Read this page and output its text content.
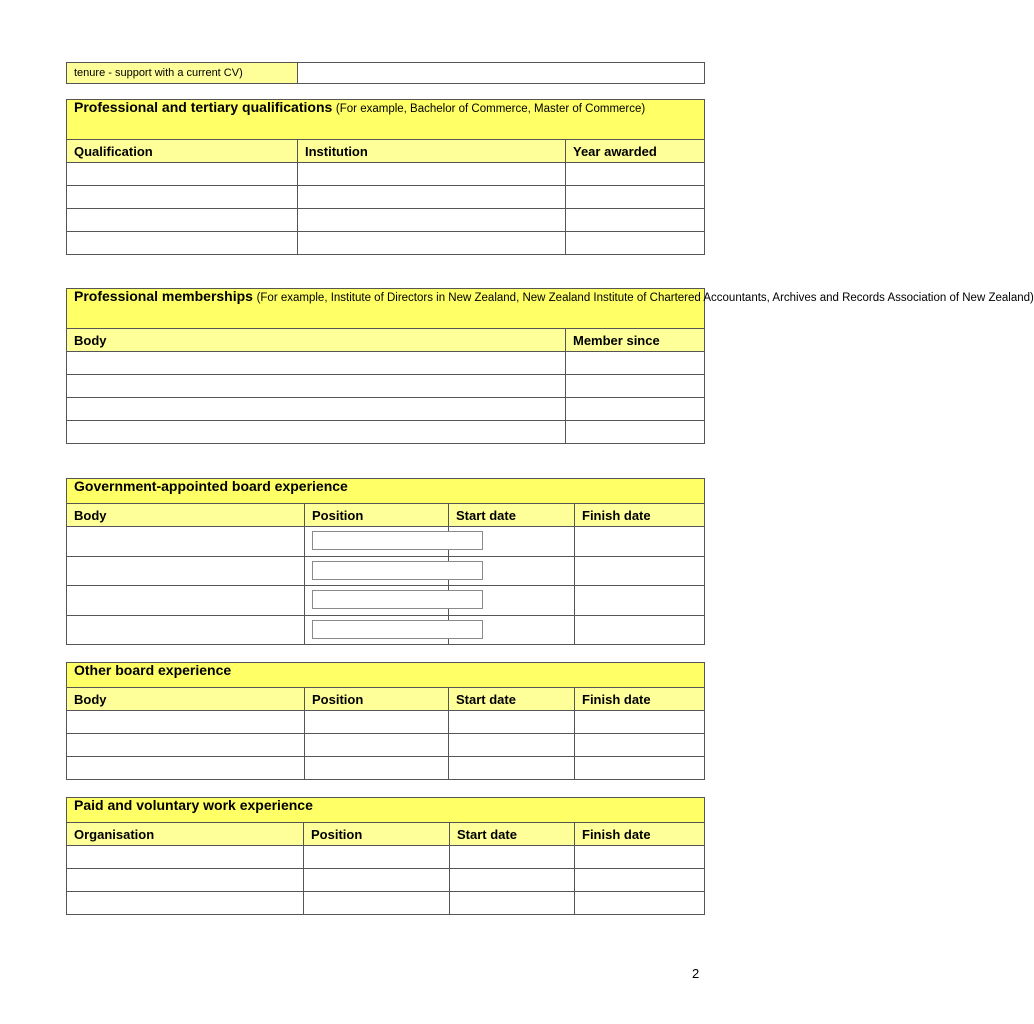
tenure - support with a current CV)	
Professional and tertiary qualifications (For example, Bachelor of Commerce, Master of Commerce)		
Qualification	Institution	Year awarded

Professional memberships (For example, Institute of Directors in New Zealand, New Zealand Institute of Chartered Accountants, Archives and Records Association of New Zealand)	
Body	Member since

Government-appointed board experience			
Body	Position	Start date	Finish date

Other board experience			
Body	Position	Start date	Finish date

Paid and voluntary work experience			
Organisation	Position	Start date	Finish date

2
